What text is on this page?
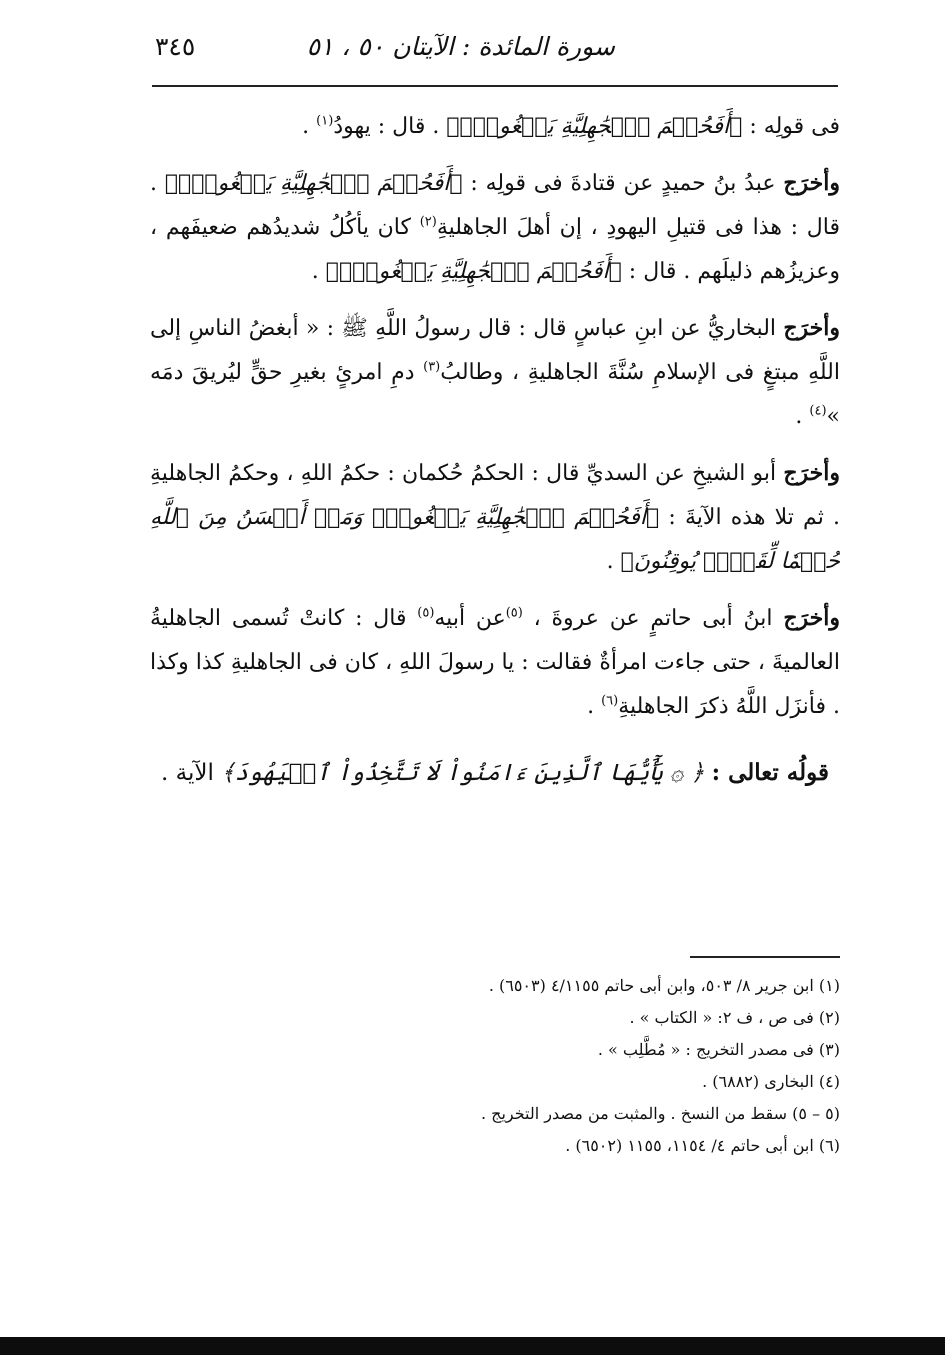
سورة المائدة : الآيتان ٥٠ ، ٥١
٣٤٥

فى قولِه : ﴿أَفَحُكۡمَ ٱلۡجَٰهِلِيَّةِ يَبۡغُونَۚ﴾ . قال : يهودُ$^{(١)}$ .

وأخرَج عبدُ بنُ حميدٍ عن قتادةَ فى قولِه : ﴿أَفَحُكۡمَ ٱلۡجَٰهِلِيَّةِ يَبۡغُونَۚ﴾ . قال : هذا فى قتيلِ اليهودِ ، إن أهلَ الجاهليةِ$^{(٢)}$ كان يأكُلُ شديدُهم ضعيفَهم ، وعزيزُهم ذليلَهم . قال : ﴿أَفَحُكۡمَ ٱلۡجَٰهِلِيَّةِ يَبۡغُونَۚ﴾ .

وأخرَج البخاريُّ عن ابنِ عباسٍ قال : قال رسولُ اللَّهِ ﷺ : « أبغضُ الناسِ إلى اللَّهِ مبتغٍ فى الإسلامِ سُنَّةَ الجاهليةِ ، وطالبُ$^{(٣)}$ دمِ امرئٍ بغيرِ حقٍّ ليُريقَ دمَه »$^{(٤)}$ .

وأخرَج أبو الشيخِ عن السديِّ قال : الحكمُ حُكمان : حكمُ اللهِ ، وحكمُ الجاهليةِ . ثم تلا هذه الآيةَ : ﴿أَفَحُكۡمَ ٱلۡجَٰهِلِيَّةِ يَبۡغُونَۚ وَمَنۡ أَحۡسَنُ مِنَ ٱللَّهِ حُكۡمٗا لِّقَوۡمٖ يُوقِنُونَ﴾ .

وأخرَج ابنُ أبى حاتمٍ عن عروةَ ، $^{(٥)}$عن أبيه$^{(٥)}$ قال : كانتْ تُسمى الجاهليةُ العالميةَ ، حتى جاءت امرأةٌ فقالت : يا رسولَ اللهِ ، كان فى الجاهليةِ كذا وكذا . فأنزَل اللَّهُ ذكرَ الجاهليةِ$^{(٦)}$ .

قولُه تعالى : ﴿ ۞ يَٰٓأَيُّهَا ٱلَّذِينَ ءَامَنُواْ لَا تَتَّخِذُواْ ٱلۡيَهُودَ﴾ الآية .

(١) ابن جرير ٨/ ٥٠٣، وابن أبى حاتم ٤/١١٥٥ (٦٥٠٣) .
(٢) فى ص ، ف ٢: « الكتاب » .
(٣) فى مصدر التخريج : « مُطَّلِب » .
(٤) البخارى (٦٨٨٢) .
(٥ – ٥) سقط من النسخ . والمثبت من مصدر التخريج .
(٦) ابن أبى حاتم ٤/ ١١٥٤، ١١٥٥ (٦٥٠٢) .
